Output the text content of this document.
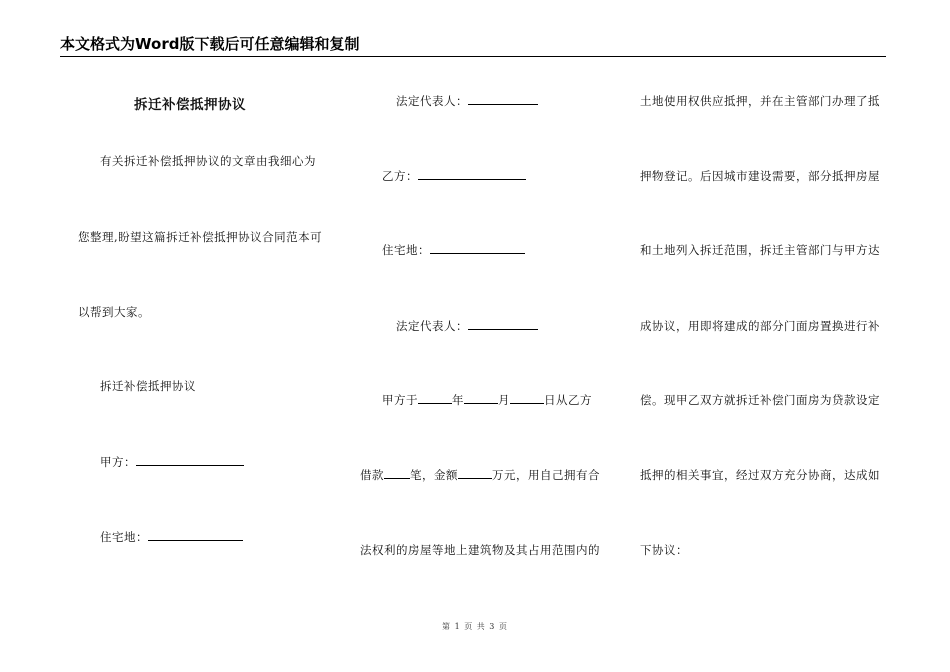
本文格式为Word版下载后可任意编辑和复制
拆迁补偿抵押协议
有关拆迁补偿抵押协议的文章由我细心为
您整理,盼望这篇拆迁补偿抵押协议合同范本可
以帮到大家。
拆迁补偿抵押协议
甲方：
住宅地：
法定代表人：
乙方：
住宅地：
法定代表人：
甲方于	年	月	日从乙方
借款 笔，金额	万元，用自己拥有合
法权利的房屋等地上建筑物及其占用范围内的
土地使用权供应抵押，并在主管部门办理了抵
押物登记。后因城市建设需要，部分抵押房屋
和土地列入拆迁范围，拆迁主管部门与甲方达
成协议，用即将建成的部分门面房置换进行补
偿。现甲乙双方就拆迁补偿门面房为贷款设定
抵押的相关事宜，经过双方充分协商，达成如
下协议：
第 1 页 共 3 页
